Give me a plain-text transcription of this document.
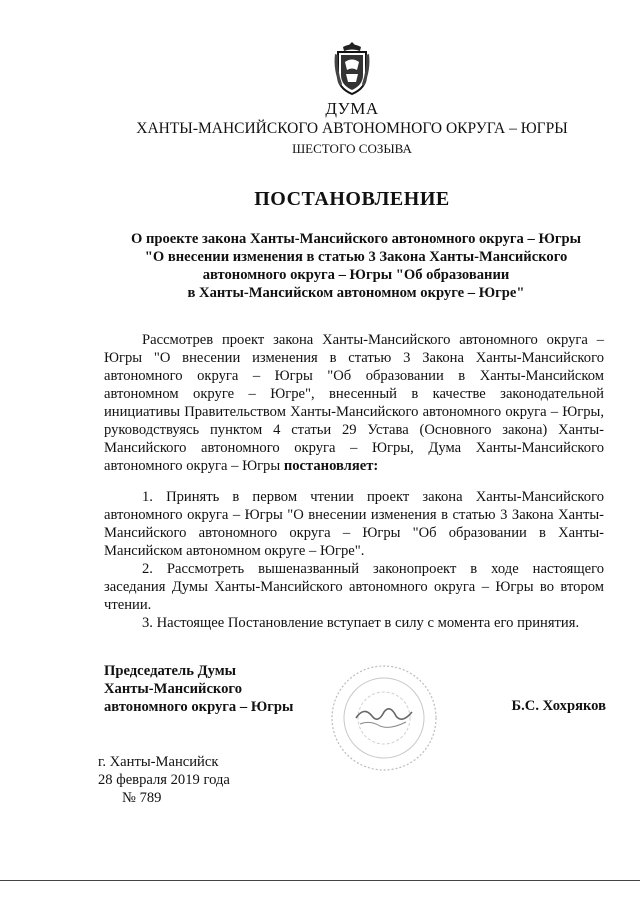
ДУМА
ХАНТЫ-МАНСИЙСКОГО АВТОНОМНОГО ОКРУГА – ЮГРЫ
ШЕСТОГО СОЗЫВА
ПОСТАНОВЛЕНИЕ
О проекте закона Ханты-Мансийского автономного округа – Югры
"О внесении изменения в статью 3 Закона Ханты-Мансийского
автономного округа – Югры "Об образовании
в Ханты-Мансийском автономном округе – Югре"
Рассмотрев проект закона Ханты-Мансийского автономного округа – Югры "О внесении изменения в статью 3 Закона Ханты-Мансийского автономного округа – Югры "Об образовании в Ханты-Мансийском автономном округе – Югре", внесенный в качестве законодательной инициативы Правительством Ханты-Мансийского автономного округа – Югры, руководствуясь пунктом 4 статьи 29 Устава (Основного закона) Ханты-Мансийского автономного округа – Югры, Дума Ханты-Мансийского автономного округа – Югры постановляет:
1. Принять в первом чтении проект закона Ханты-Мансийского автономного округа – Югры "О внесении изменения в статью 3 Закона Ханты-Мансийского автономного округа – Югры "Об образовании в Ханты-Мансийском автономном округе – Югре".
2. Рассмотреть вышеназванный законопроект в ходе настоящего заседания Думы Ханты-Мансийского автономного округа – Югры во втором чтении.
3. Настоящее Постановление вступает в силу с момента его принятия.
Председатель Думы
Ханты-Мансийского
автономного округа – Югры	Б.С. Хохряков
г. Ханты-Мансийск
28 февраля 2019 года
№ 789
